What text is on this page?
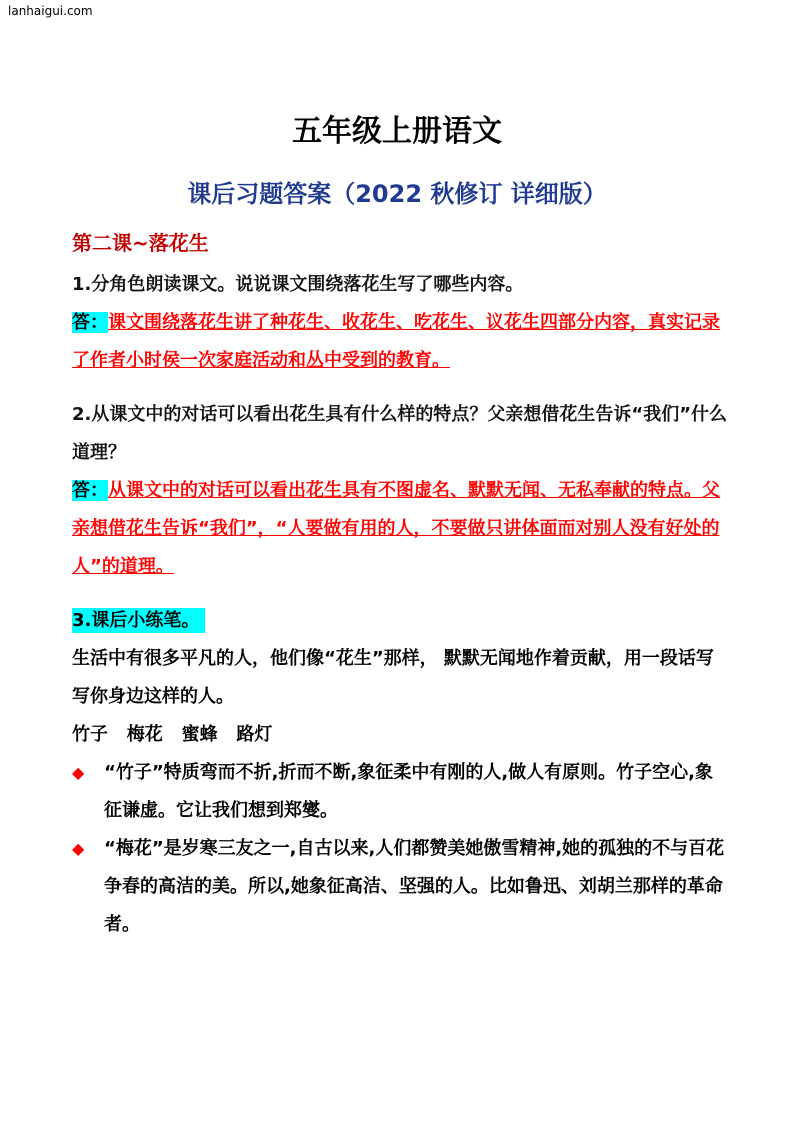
lanhaigui.com
五年级上册语文
课后习题答案（2022 秋修订 详细版）
第二课~落花生

1.分角色朗读课文。说说课文围绕落花生写了哪些内容。

答：课文围绕落花生讲了种花生、收花生、吃花生、议花生四部分内容，真实记录了作者小时侯一次家庭活动和丛中受到的教育。

2.从课文中的对话可以看出花生具有什么样的特点？父亲想借花生告诉“我们”什么道理？

答：从课文中的对话可以看出花生具有不图虚名、默默无闻、无私奉献的特点。父亲想借花生告诉“我们”，“人要做有用的人，不要做只讲体面而对别人没有好处的人”的道理。

3.课后小练笔。

生活中有很多平凡的人，他们像“花生”那样， 默默无闻地作着贡献，用一段话写写你身边这样的人。

竹子   梅花   蜜蜂   路灯

◆	“竹子”特质弯而不折,折而不断,象征柔中有刚的人,做人有原则。竹子空心,象征谦虚。它让我们想到郑燮。

◆	“梅花”是岁寒三友之一,自古以来,人们都赞美她傲雪精神,她的孤独的不与百花争春的高洁的美。所以,她象征高洁、坚强的人。比如鲁迅、刘胡兰那样的革命者。
